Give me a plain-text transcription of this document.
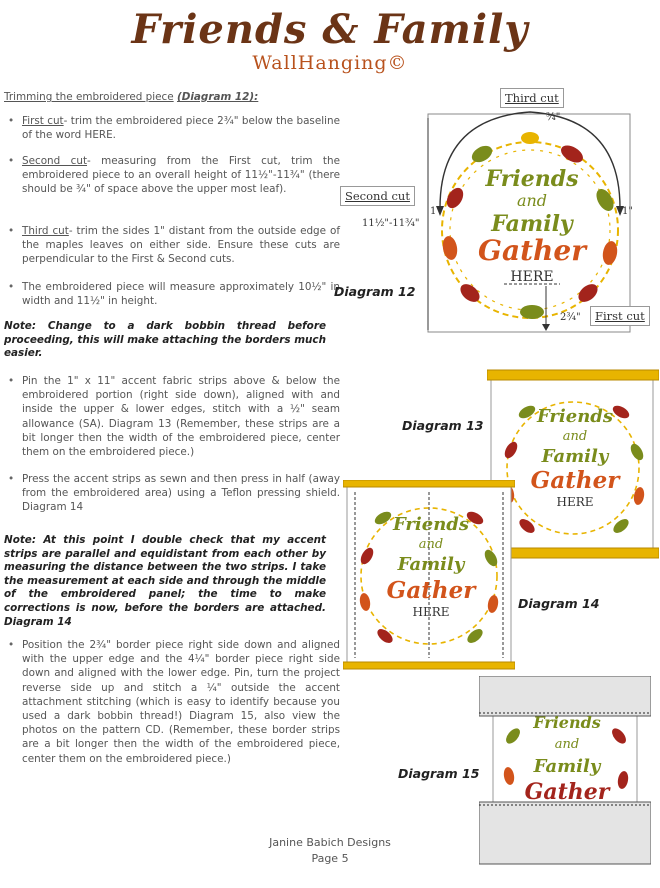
Friends & Family
WallHanging©
Trimming the embroidered piece (Diagram 12):
• First cut- trim the embroidered piece 2¾" below the baseline of the word HERE.
• Second cut- measuring from the First cut, trim the embroidered piece to an overall height of 11½"-11¾" (there should be ¾" of space above the upper most leaf).
• Third cut- trim the sides 1" distant from the outside edge of the maples leaves on either side. Ensure these cuts are perpendicular to the First & Second cuts.
• The embroidered piece will measure approximately 10½" in width and 11½" in height.
Note: Change to a dark bobbin thread before proceeding, this will make attaching the borders much easier.
• Pin the 1" x 11" accent fabric strips above & below the embroidered portion (right side down), aligned with and inside the upper & lower edges, stitch with a ½" seam allowance (SA). Diagram 13 (Remember, these strips are a bit longer then the width of the embroidered piece, center them on the embroidered piece.)
• Press the accent strips as sewn and then press in half (away from the embroidered area) using a Teflon pressing shield. Diagram 14
Note: At this point I double check that my accent strips are parallel and equidistant from each other by measuring the distance between the two strips. I take the measurement at each side and through the middle of the embroidered panel; the time to make corrections is now, before the borders are attached. Diagram 14
• Position the 2¾" border piece right side down and aligned with the upper edge and the 4¼" border piece right side down and aligned with the lower edge. Pin, turn the project reverse side up and stitch a ¼" outside the accent attachment stitching (which is easy to identify because you used a dark bobbin thread!) Diagram 15, also view the photos on the pattern CD. (Remember, these border strips are a bit longer then the width of the embroidered piece, center them on the embroidered piece.)
Diagram 12
Friends
and
Family
Gather
HERE
Third cut
¾"
Second cut
11½"-11¾"
1"	1"
2¾"	First cut
Diagram 13	Friends
and
Family
Gather
HERE
Diagram 14
Friends
and
Family
Gather
HERE
Diagram 15
Friends
and
Family
Gather
Janine Babich Designs
Page 5
